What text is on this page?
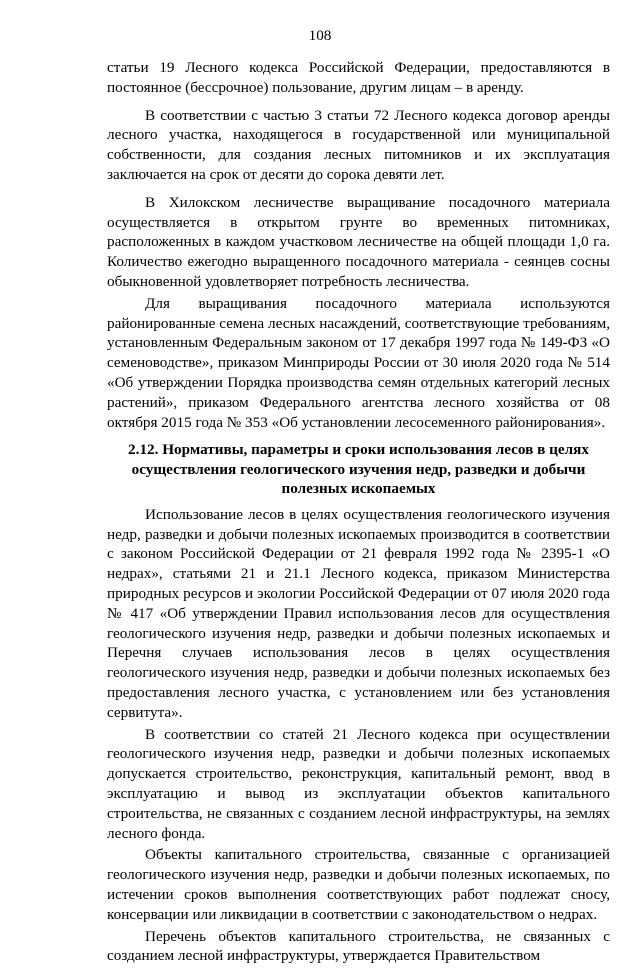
108

статьи 19 Лесного кодекса Российской Федерации, предоставляются в постоянное (бессрочное) пользование, другим лицам – в аренду.

В соответствии с частью 3 статьи 72 Лесного кодекса договор аренды лесного участка, находящегося в государственной или муниципальной собственности, для создания лесных питомников и их эксплуатация заключается на срок от десяти до сорока девяти лет.

В Хилокском лесничестве выращивание посадочного материала осуществляется в открытом грунте во временных питомниках, расположенных в каждом участковом лесничестве на общей площади 1,0 га. Количество ежегодно выращенного посадочного материала - сеянцев сосны обыкновенной удовлетворяет потребность лесничества.

Для выращивания посадочного материала используются районированные семена лесных насаждений, соответствующие требованиям, установленным Федеральным законом от 17 декабря 1997 года № 149-ФЗ «О семеноводстве», приказом Минприроды России от 30 июля 2020 года № 514 «Об утверждении Порядка производства семян отдельных категорий лесных растений», приказом Федерального агентства лесного хозяйства от 08 октября 2015 года № 353 «Об установлении лесосеменного районирования».

2.12. Нормативы, параметры и сроки использования лесов в целях осуществления геологического изучения недр, разведки и добычи полезных ископаемых

Использование лесов в целях осуществления геологического изучения недр, разведки и добычи полезных ископаемых производится в соответствии с законом Российской Федерации от 21 февраля 1992 года № 2395-1 «О недрах», статьями 21 и 21.1 Лесного кодекса, приказом Министерства природных ресурсов и экологии Российской Федерации от 07 июля 2020 года № 417 «Об утверждении Правил использования лесов для осуществления геологического изучения недр, разведки и добычи полезных ископаемых и Перечня случаев использования лесов в целях осуществления геологического изучения недр, разведки и добычи полезных ископаемых без предоставления лесного участка, с установлением или без установления сервитута».

В соответствии со статей 21 Лесного кодекса при осуществлении геологического изучения недр, разведки и добычи полезных ископаемых допускается строительство, реконструкция, капитальный ремонт, ввод в эксплуатацию и вывод из эксплуатации объектов капитального строительства, не связанных с созданием лесной инфраструктуры, на землях лесного фонда.

Объекты капитального строительства, связанные с организацией геологического изучения недр, разведки и добычи полезных ископаемых, по истечении сроков выполнения соответствующих работ подлежат сносу, консервации или ликвидации в соответствии с законодательством о недрах.

Перечень объектов капитального строительства, не связанных с созданием лесной инфраструктуры, утверждается Правительством
